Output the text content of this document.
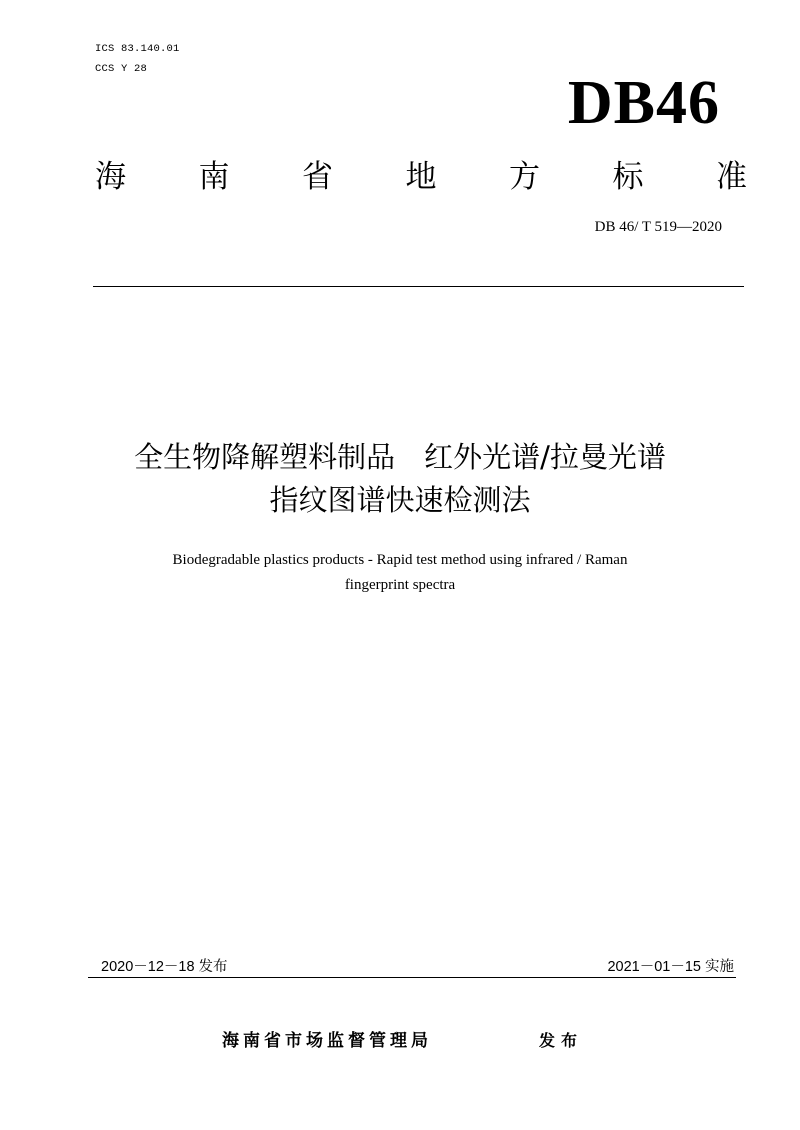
ICS 83.140.01
CCS Y 28	DB46
海 南 省 地 方 标 准
DB 46/ T 519—2020
全生物降解塑料制品　红外光谱/拉曼光谱
指纹图谱快速检测法
Biodegradable plastics products - Rapid test method using infrared / Raman
fingerprint spectra
2020－12－18 发布	2021－01－15 实施
海南省市场监督管理局	发布
